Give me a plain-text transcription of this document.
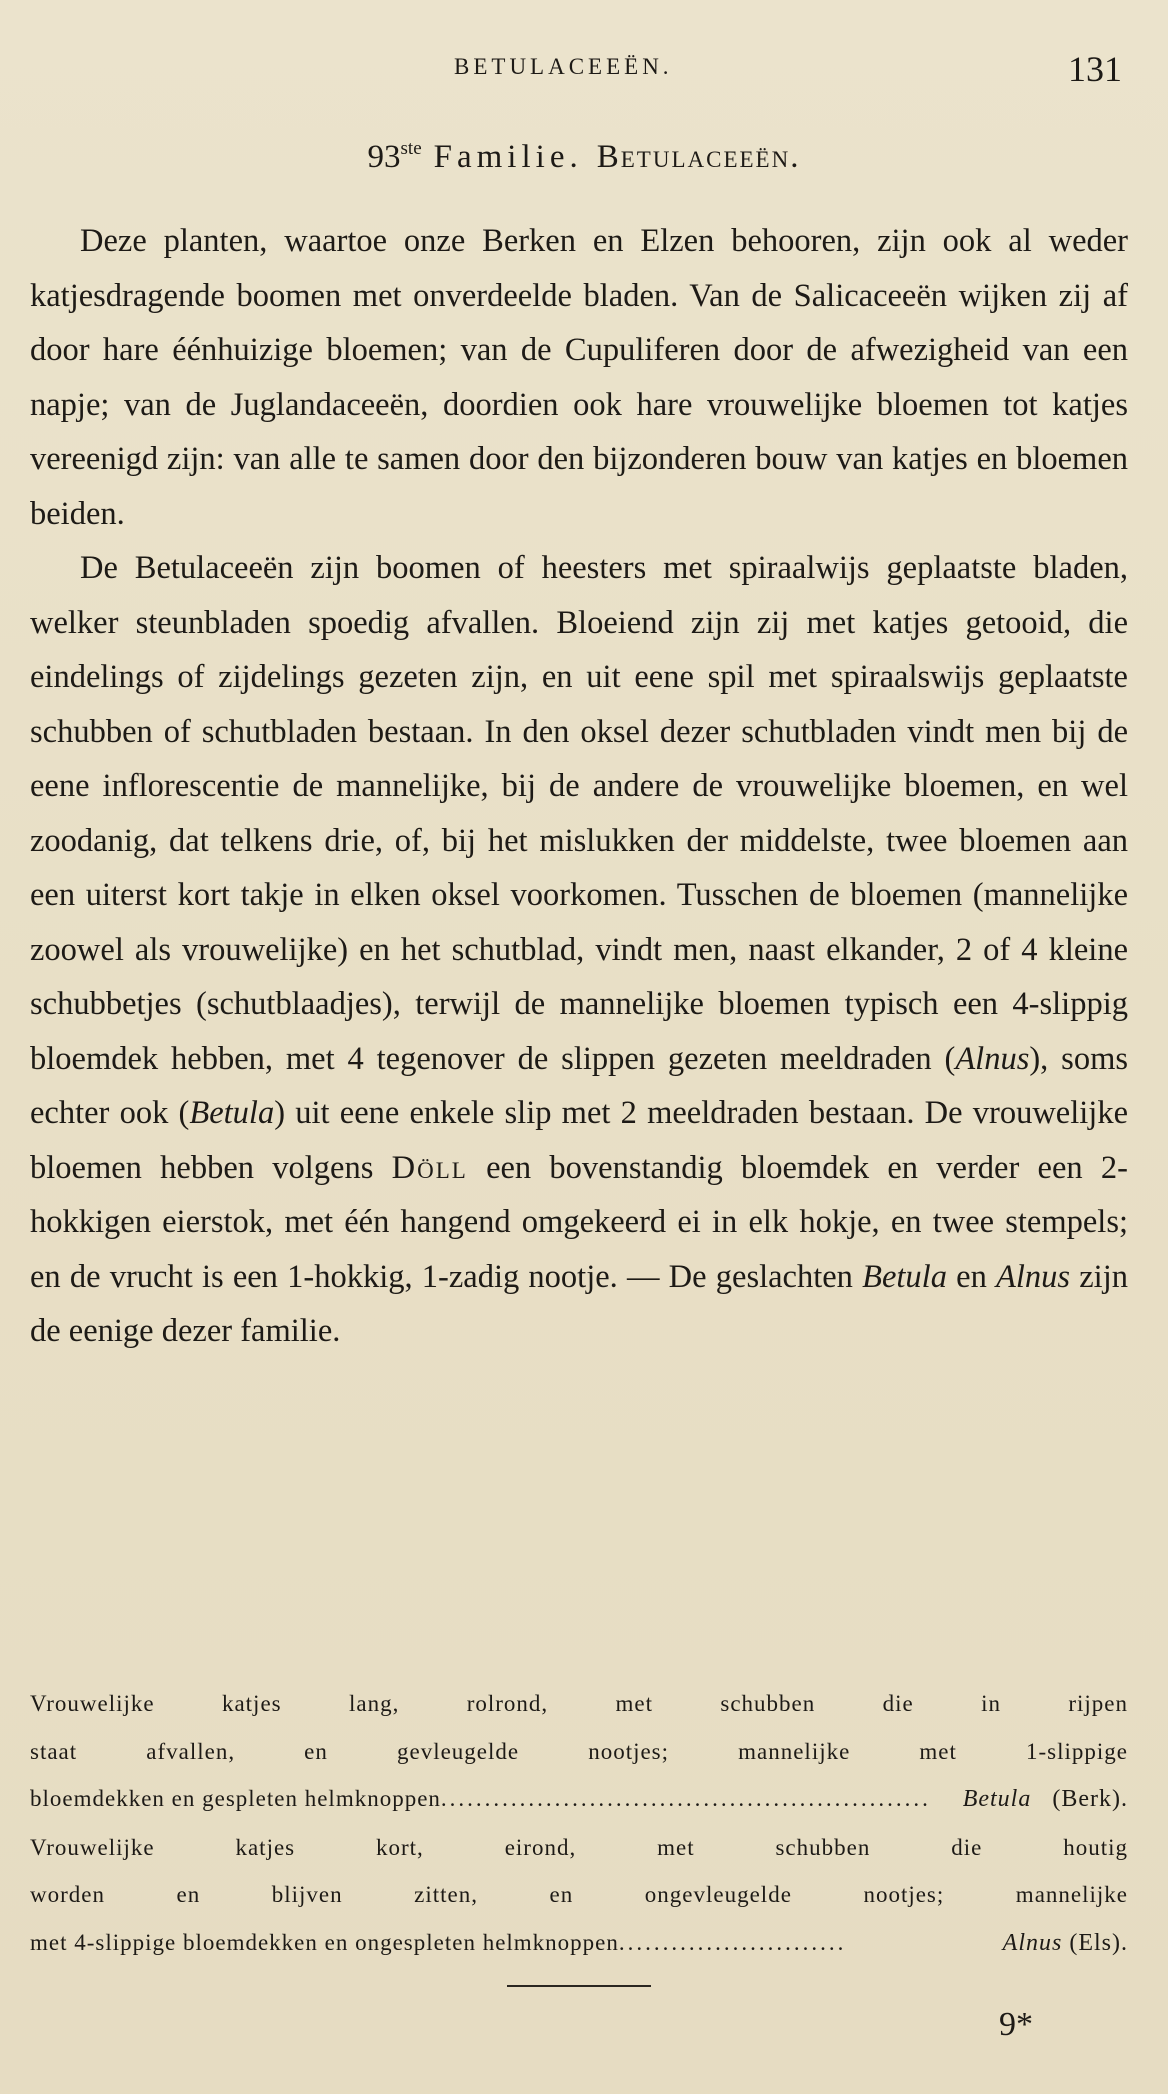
BETULACEEËN.	131
93ste Familie. Betulaceeën.

Deze planten, waartoe onze Berken en Elzen behooren, zijn ook al weder katjesdragende boomen met onverdeelde bladen. Van de Salicaceeën wijken zij af door hare éénhuizige bloemen; van de Cupuliferen door de afwezigheid van een napje; van de Juglandaceeën, doordien ook hare vrouwelijke bloemen tot katjes vereenigd zijn: van alle te samen door den bijzonderen bouw van katjes en bloemen beiden.

De Betulaceeën zijn boomen of heesters met spiraalwijs geplaatste bladen, welker steunbladen spoedig afvallen. Bloeiend zijn zij met katjes getooid, die eindelings of zijdelings gezeten zijn, en uit eene spil met spiraalswijs geplaatste schubben of schutbladen bestaan. In den oksel dezer schutbladen vindt men bij de eene inflorescentie de mannelijke, bij de andere de vrouwelijke bloemen, en wel zoodanig, dat telkens drie, of, bij het mislukken der middelste, twee bloemen aan een uiterst kort takje in elken oksel voorkomen. Tusschen de bloemen (mannelijke zoowel als vrouwelijke) en het schutblad, vindt men, naast elkander, 2 of 4 kleine schubbetjes (schutblaadjes), terwijl de mannelijke bloemen typisch een 4-slippig bloemdek hebben, met 4 tegenover de slippen gezeten meeldraden (Alnus), soms echter ook (Betula) uit eene enkele slip met 2 meeldraden bestaan. De vrouwelijke bloemen hebben volgens Döll een bovenstandig bloemdek en verder een 2-hokkigen eierstok, met één hangend omgekeerd ei in elk hokje, en twee stempels; en de vrucht is een 1-hokkig, 1-zadig nootje. — De geslachten Betula en Alnus zijn de eenige dezer familie.

Vrouwelijke katjes lang, rolrond, met schubben die in rijpen
staat afvallen, en gevleugelde nootjes; mannelijke met 1-slippige
bloemdekken en gespleten helmknoppen ........................................................	Betula (Berk).
Vrouwelijke katjes kort, eirond, met schubben die houtig
worden en blijven zitten, en ongevleugelde nootjes; mannelijke
met 4-slippige bloemdekken en ongespleten helmknoppen ..........................	Alnus (Els).
9*
